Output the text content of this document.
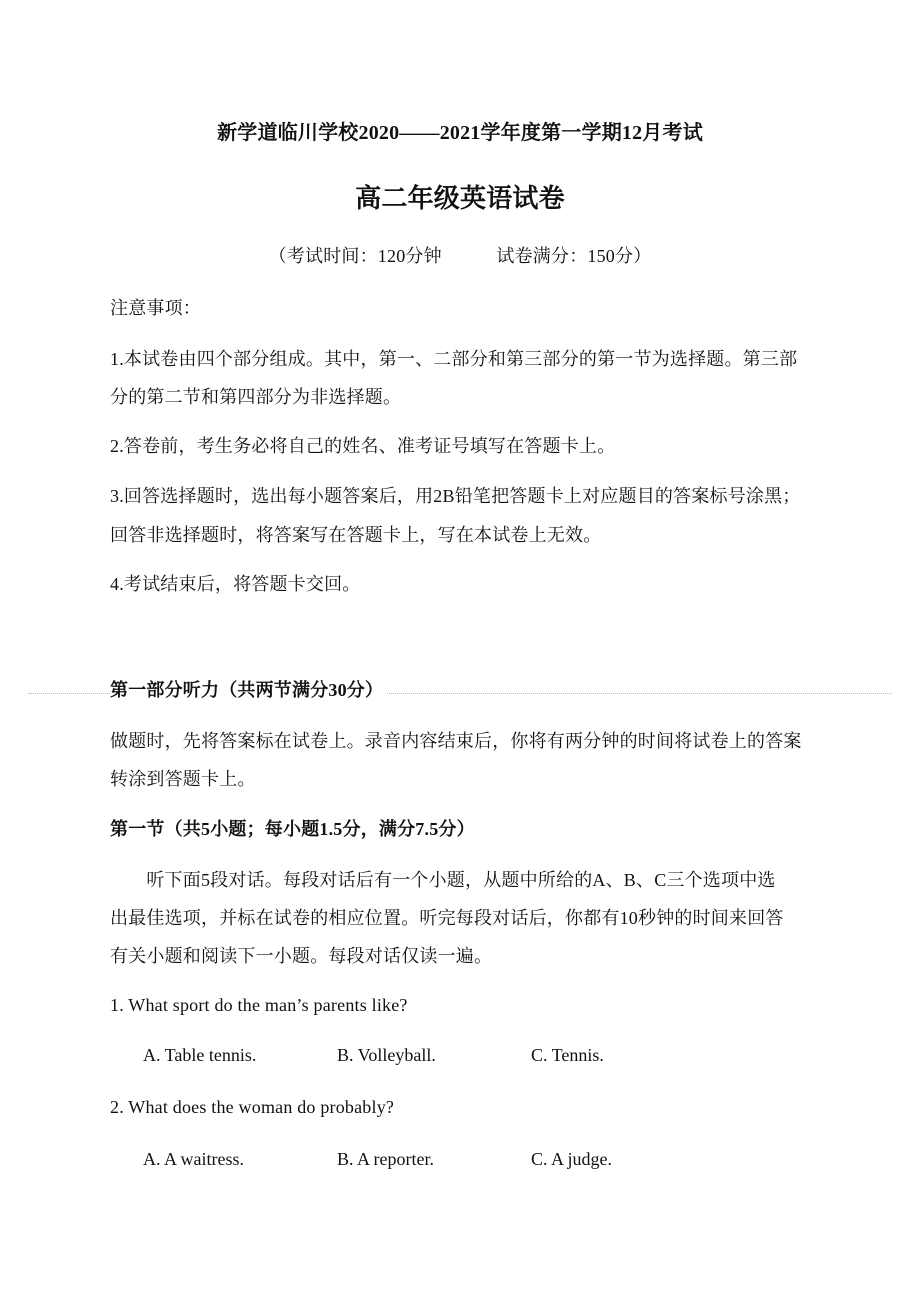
新学道临川学校2020——2021学年度第一学期12月考试
高二年级英语试卷
（考试时间：120分钟　　　试卷满分：150分）
注意事项：
1.本试卷由四个部分组成。其中，第一、二部分和第三部分的第一节为选择题。第三部
分的第二节和第四部分为非选择题。
2.答卷前，考生务必将自己的姓名、准考证号填写在答题卡上。
3.回答选择题时，选出每小题答案后，用2B铅笔把答题卡上对应题目的答案标号涂黑；
回答非选择题时，将答案写在答题卡上，写在本试卷上无效。
4.考试结束后，将答题卡交回。
第一部分听力（共两节满分30分）
做题时，先将答案标在试卷上。录音内容结束后，你将有两分钟的时间将试卷上的答案
转涂到答题卡上。
第一节（共5小题；每小题1.5分，满分7.5分）
　　听下面5段对话。每段对话后有一个小题，从题中所给的A、B、C三个选项中选
出最佳选项，并标在试卷的相应位置。听完每段对话后，你都有10秒钟的时间来回答
有关小题和阅读下一小题。每段对话仅读一遍。
1. What sport do the man’s parents like?
A. Table tennis.	B. Volleyball.	C. Tennis.
2. What does the woman do probably?
A. A waitress.	B. A reporter.	C. A judge.
